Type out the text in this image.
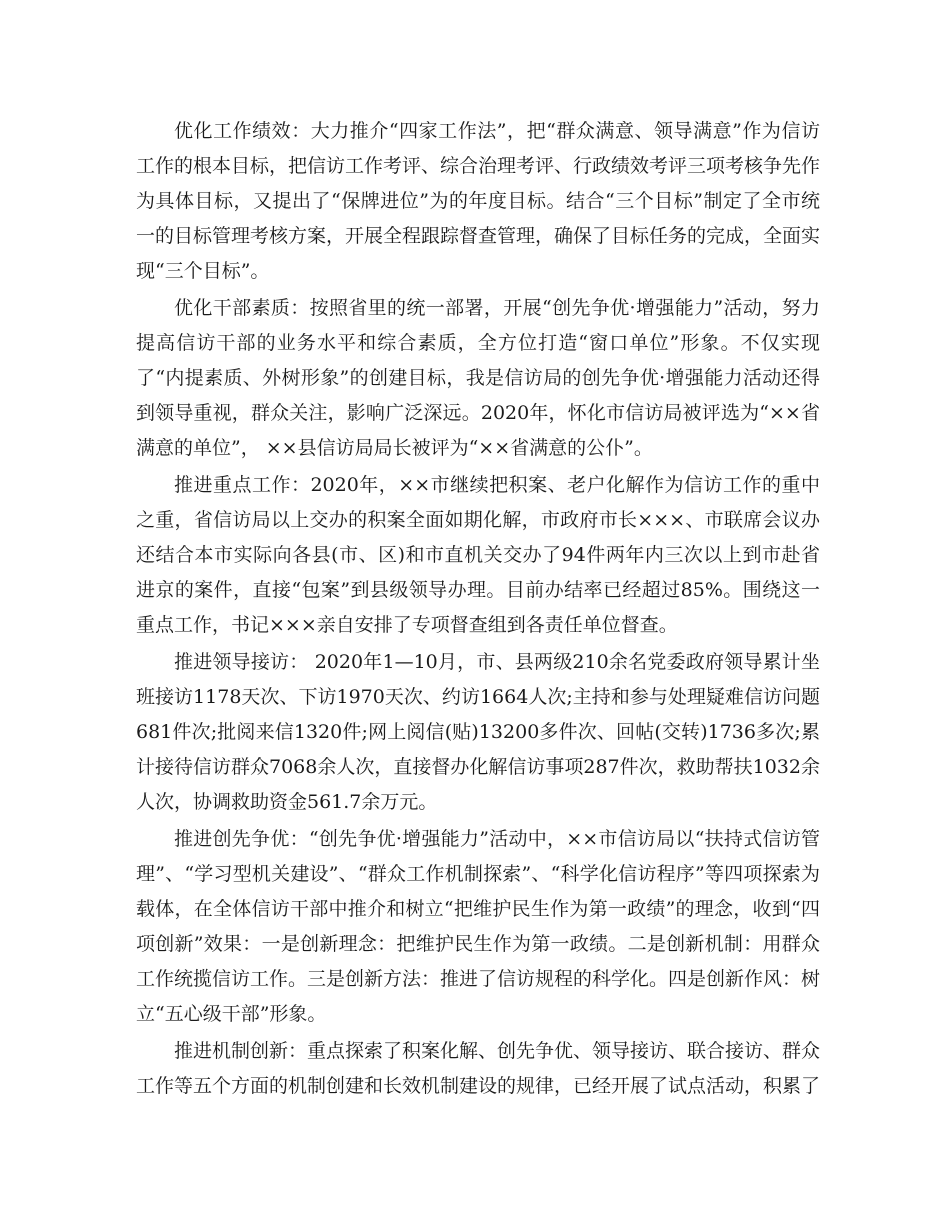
优化工作绩效：大力推介“四家工作法”，把“群众满意、领导满意”作为信访工作的根本目标，把信访工作考评、综合治理考评、行政绩效考评三项考核争先作为具体目标，又提出了“保牌进位”为的年度目标。结合“三个目标”制定了全市统一的目标管理考核方案，开展全程跟踪督查管理，确保了目标任务的完成，全面实现“三个目标”。

优化干部素质：按照省里的统一部署，开展“创先争优·增强能力”活动，努力提高信访干部的业务水平和综合素质，全方位打造“窗口单位”形象。不仅实现了“内提素质、外树形象”的创建目标，我是信访局的创先争优·增强能力活动还得到领导重视，群众关注，影响广泛深远。2020年，怀化市信访局被评选为“××省满意的单位”， ××县信访局局长被评为“××省满意的公仆”。

推进重点工作：2020年，××市继续把积案、老户化解作为信访工作的重中之重，省信访局以上交办的积案全面如期化解，市政府市长×××、市联席会议办还结合本市实际向各县(市、区)和市直机关交办了94件两年内三次以上到市赴省进京的案件，直接“包案”到县级领导办理。目前办结率已经超过85%。围绕这一重点工作，书记×××亲自安排了专项督查组到各责任单位督查。

推进领导接访： 2020年1—10月，市、县两级210余名党委政府领导累计坐班接访1178天次、下访1970天次、约访1664人次;主持和参与处理疑难信访问题681件次;批阅来信1320件;网上阅信(贴)13200多件次、回帖(交转)1736多次;累计接待信访群众7068余人次，直接督办化解信访事项287件次，救助帮扶1032余人次，协调救助资金561.7余万元。

推进创先争优：“创先争优·增强能力”活动中，××市信访局以“扶持式信访管理”、“学习型机关建设”、“群众工作机制探索”、“科学化信访程序”等四项探索为载体，在全体信访干部中推介和树立“把维护民生作为第一政绩”的理念，收到“四项创新”效果：一是创新理念：把维护民生作为第一政绩。二是创新机制：用群众工作统揽信访工作。三是创新方法：推进了信访规程的科学化。四是创新作风：树立“五心级干部”形象。

推进机制创新：重点探索了积案化解、创先争优、领导接访、联合接访、群众工作等五个方面的机制创建和长效机制建设的规律，已经开展了试点活动，积累了
